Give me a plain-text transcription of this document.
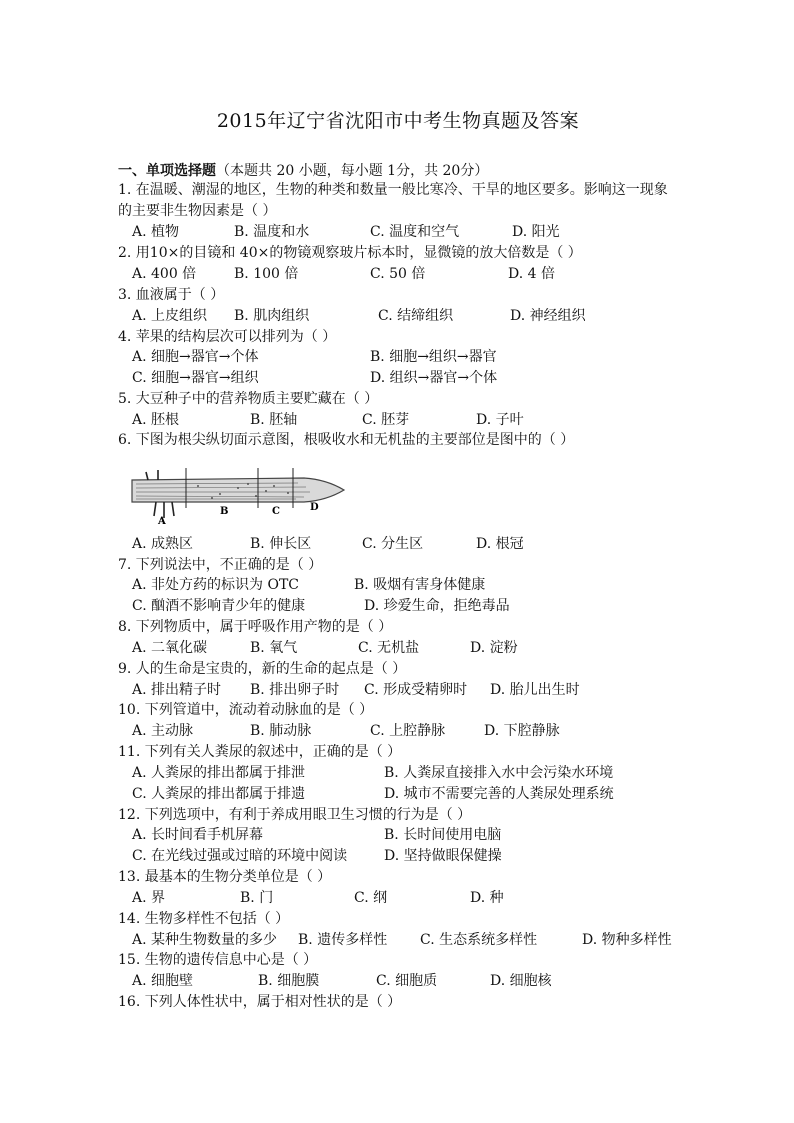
2015年辽宁省沈阳市中考生物真题及答案
一、单项选择题（本题共 20 小题，每小题 1分，共 20分）
1. 在温暖、潮湿的地区，生物的种类和数量一般比寒冷、干旱的地区要多。影响这一现象
的主要非生物因素是（ ）
A. 植物	B. 温度和水	C. 温度和空气	D. 阳光
2. 用10×的目镜和 40×的物镜观察玻片标本时，显微镜的放大倍数是（ ）
A. 400 倍	B. 100 倍	C. 50 倍	D. 4 倍
3. 血液属于（ ）
A. 上皮组织 B. 肌肉组织	C. 结缔组织	D. 神经组织
4. 苹果的结构层次可以排列为（ ）
A. 细胞→器官→个体	B. 细胞→组织→器官
C. 细胞→器官→组织	D. 组织→器官→个体
5. 大豆种子中的营养物质主要贮藏在（ ）
A. 胚根	B. 胚轴	C. 胚芽	D. 子叶
6. 下图为根尖纵切面示意图，根吸收水和无机盐的主要部位是图中的（ ）
A
B	C	D
A. 成熟区	B. 伸长区	C. 分生区	D. 根冠
7. 下列说法中，不正确的是（ ）
A. 非处方药的标识为 OTC	B. 吸烟有害身体健康
C. 酗酒不影响青少年的健康	D. 珍爱生命，拒绝毒品
8. 下列物质中，属于呼吸作用产物的是（ ）
A. 二氧化碳	B. 氧气	C. 无机盐	D. 淀粉
9. 人的生命是宝贵的，新的生命的起点是（ ）
A. 排出精子时 B. 排出卵子时 C. 形成受精卵时 D. 胎儿出生时
10. 下列管道中，流动着动脉血的是（ ）
A. 主动脉	B. 肺动脉	C. 上腔静脉	D. 下腔静脉
11. 下列有关人粪尿的叙述中，正确的是（ ）
A. 人粪尿的排出都属于排泄	B. 人粪尿直接排入水中会污染水环境
C. 人粪尿的排出都属于排遗	D. 城市不需要完善的人粪尿处理系统
12. 下列选项中，有利于养成用眼卫生习惯的行为是（ ）
A. 长时间看手机屏幕	B. 长时间使用电脑
C. 在光线过强或过暗的环境中阅读	D. 坚持做眼保健操
13. 最基本的生物分类单位是（ ）
A. 界	B. 门	C. 纲	D. 种
14. 生物多样性不包括（ ）
A. 某种生物数量的多少 B. 遗传多样性 C. 生态系统多样性	D. 物种多样性
15. 生物的遗传信息中心是（ ）
A. 细胞壁	B. 细胞膜	C. 细胞质	D. 细胞核
16. 下列人体性状中，属于相对性状的是（ ）
